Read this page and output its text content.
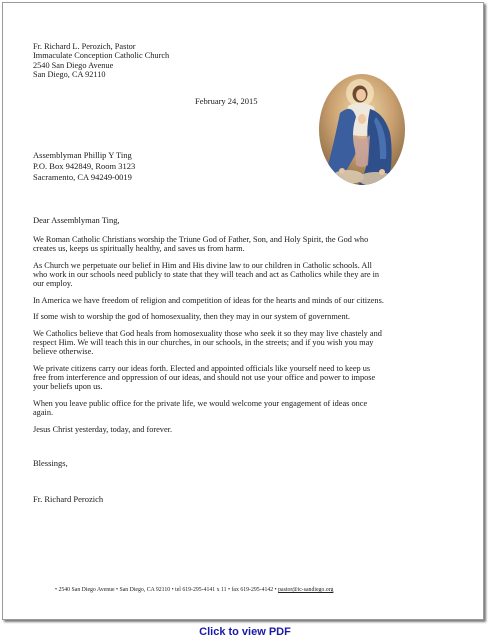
Fr. Richard L. Perozich, Pastor
Immaculate Conception Catholic Church
2540 San Diego Avenue
San Diego, CA 92110
February 24, 2015
Assemblyman Phillip Y Ting
P.O. Box 942849, Room 3123
Sacramento, CA 94249-0019
Dear Assemblyman Ting,

We Roman Catholic Christians worship the Triune God of Father, Son, and Holy Spirit, the God who
creates us, keeps us spiritually healthy, and saves us from harm.

As Church we perpetuate our belief in Him and His divine law to our children in Catholic schools. All
who work in our schools need publicly to state that they will teach and act as Catholics while they are in
our employ.

In America we have freedom of religion and competition of ideas for the hearts and minds of our citizens.

If some wish to worship the god of homosexuality, then they may in our system of government.

We Catholics believe that God heals from homosexuality those who seek it so they may live chastely and
respect Him. We will teach this in our churches, in our schools, in the streets; and if you wish you may
believe otherwise.

We private citizens carry our ideas forth. Elected and appointed officials like yourself need to keep us
free from interference and oppression of our ideas, and should not use your office and power to impose
your beliefs upon us.

When you leave public office for the private life, we would welcome your engagement of ideas once
again.

Jesus Christ yesterday, today, and forever.

Blessings,
Fr. Richard Perozich
• 2540 San Diego Avenue • San Diego, CA 92110 • tel 619-295-4141 x 11 • fax 619-295-4142 • pastor@ic-sandiego.org
Click to view PDF
